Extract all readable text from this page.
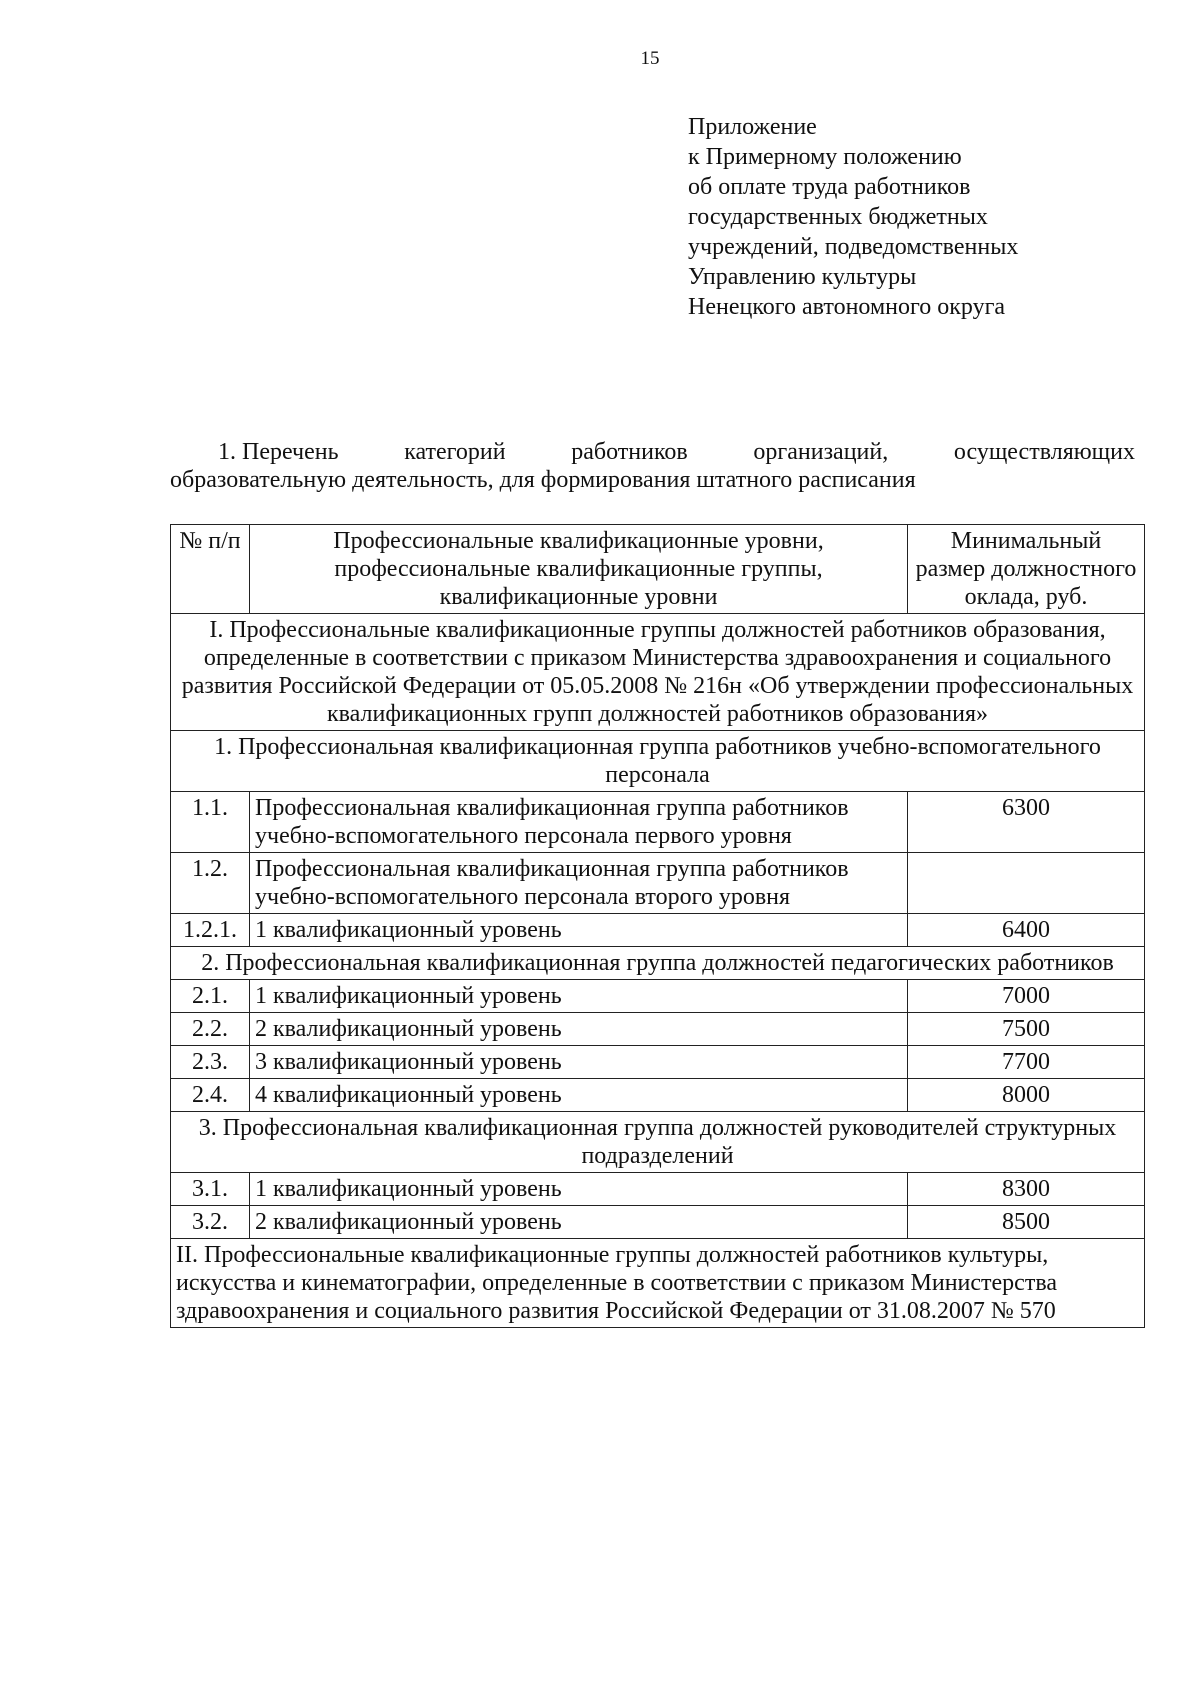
15
Приложение
к Примерному положению
об оплате труда работников
государственных бюджетных
учреждений, подведомственных
Управлению культуры
Ненецкого автономного округа
1. Перечень	категорий	работников	организаций,	осуществляющих
образовательную деятельность, для формирования штатного расписания
№ п/п	Профессиональные квалификационные уровни, профессиональные квалификационные группы, квалификационные уровни	Минимальный размер должностного оклада, руб.
I. Профессиональные квалификационные группы должностей работников образования, определенные в соответствии с приказом Министерства здравоохранения и социального развития Российской Федерации от 05.05.2008 № 216н «Об утверждении профессиональных квалификационных групп должностей работников образования»		
1. Профессиональная квалификационная группа работников учебно-вспомогательного персонала		
1.1.	Профессиональная квалификационная группа работников учебно-вспомогательного персонала первого уровня	6300
1.2.	Профессиональная квалификационная группа работников учебно-вспомогательного персонала второго уровня	
1.2.1.	1 квалификационный уровень	6400
2. Профессиональная квалификационная группа должностей педагогических работников		
2.1.	1 квалификационный уровень	7000
2.2.	2 квалификационный уровень	7500
2.3.	3 квалификационный уровень	7700
2.4.	4 квалификационный уровень	8000
3. Профессиональная квалификационная группа должностей руководителей структурных подразделений		
3.1.	1 квалификационный уровень	8300
3.2.	2 квалификационный уровень	8500
II. Профессиональные квалификационные группы должностей работников культуры, искусства и кинематографии, определенные в соответствии с приказом Министерства здравоохранения и социального развития Российской Федерации от 31.08.2007 № 570		
